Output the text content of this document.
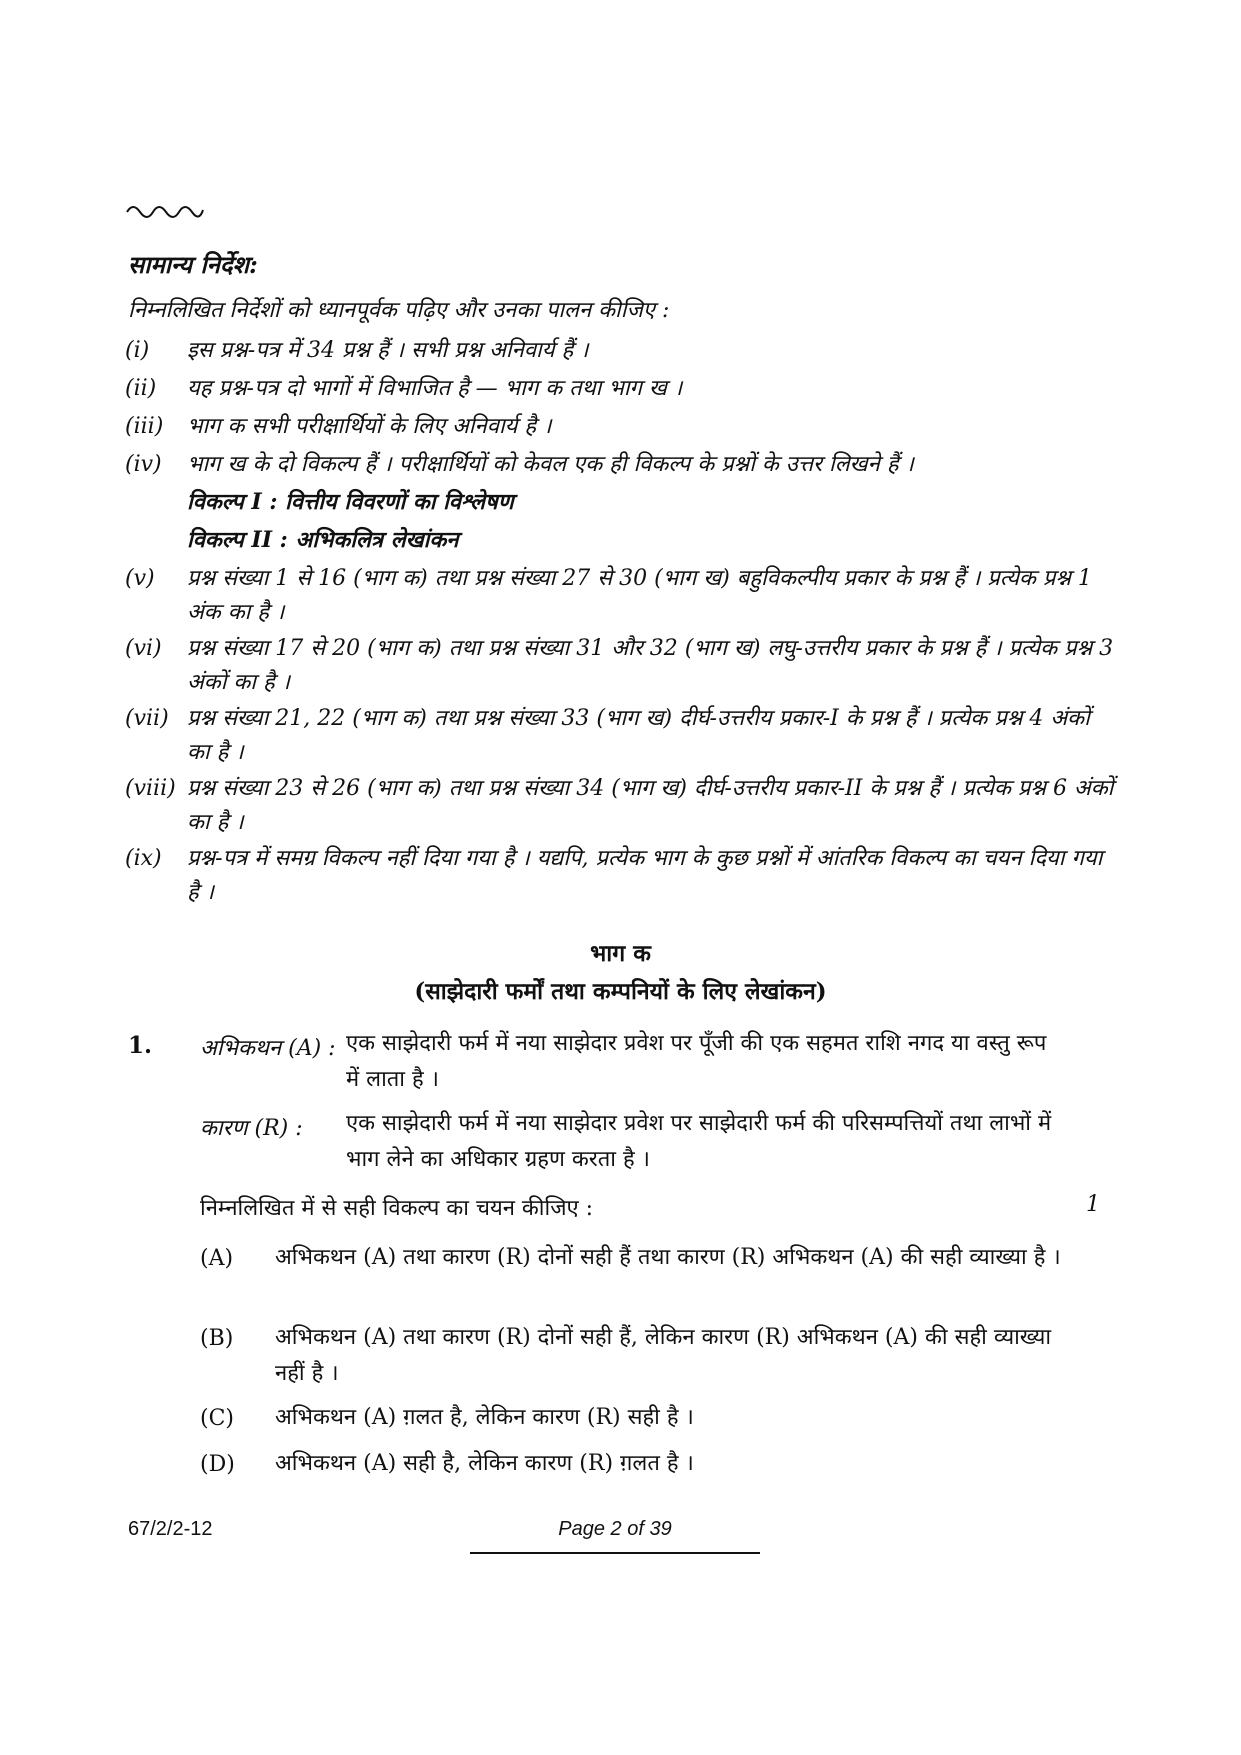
सामान्य निर्देश:
निम्नलिखित निर्देशों को ध्यानपूर्वक पढ़िए और उनका पालन कीजिए :
(i)	इस प्रश्न-पत्र में 34 प्रश्न हैं । सभी प्रश्न अनिवार्य हैं ।
(ii)	यह प्रश्न-पत्र दो भागों में विभाजित है — भाग क तथा भाग ख ।
(iii)	भाग क सभी परीक्षार्थियों के लिए अनिवार्य है ।
(iv)	भाग ख के दो विकल्प हैं । परीक्षार्थियों को केवल एक ही विकल्प के प्रश्नों के उत्तर लिखने हैं ।
विकल्प I : वित्तीय विवरणों का विश्लेषण
विकल्प II : अभिकलित्र लेखांकन
(v)	प्रश्न संख्या 1 से 16 (भाग क) तथा प्रश्न संख्या 27 से 30 (भाग ख) बहुविकल्पीय प्रकार के प्रश्न हैं । प्रत्येक प्रश्न 1 अंक का है ।
(vi)	प्रश्न संख्या 17 से 20 (भाग क) तथा प्रश्न संख्या 31 और 32 (भाग ख) लघु-उत्तरीय प्रकार के प्रश्न हैं । प्रत्येक प्रश्न 3 अंकों का है ।
(vii) प्रश्न संख्या 21, 22 (भाग क) तथा प्रश्न संख्या 33 (भाग ख) दीर्घ-उत्तरीय प्रकार-I के प्रश्न हैं । प्रत्येक प्रश्न 4 अंकों का है ।
(viii) प्रश्न संख्या 23 से 26 (भाग क) तथा प्रश्न संख्या 34 (भाग ख) दीर्घ-उत्तरीय प्रकार-II के प्रश्न हैं । प्रत्येक प्रश्न 6 अंकों का है ।
(ix)	प्रश्न-पत्र में समग्र विकल्प नहीं दिया गया है । यद्यपि, प्रत्येक भाग के कुछ प्रश्नों में आंतरिक विकल्प का चयन दिया गया है ।
भाग क
(साझेदारी फर्मों तथा कम्पनियों के लिए लेखांकन)
1. अभिकथन (A) : एक साझेदारी फर्म में नया साझेदार प्रवेश पर पूँजी की एक सहमत राशि नगद या वस्तु रूप में लाता है ।
कारण (R) : एक साझेदारी फर्म में नया साझेदार प्रवेश पर साझेदारी फर्म की परिसम्पत्तियों तथा लाभों में भाग लेने का अधिकार ग्रहण करता है ।
निम्नलिखित में से सही विकल्प का चयन कीजिए :	1
(A) अभिकथन (A) तथा कारण (R) दोनों सही हैं तथा कारण (R) अभिकथन (A) की सही व्याख्या है ।
(B) अभिकथन (A) तथा कारण (R) दोनों सही हैं, लेकिन कारण (R) अभिकथन (A) की सही व्याख्या नहीं है ।
(C) अभिकथन (A) ग़लत है, लेकिन कारण (R) सही है ।
(D) अभिकथन (A) सही है, लेकिन कारण (R) ग़लत है ।
67/2/2-12	Page 2 of 39
